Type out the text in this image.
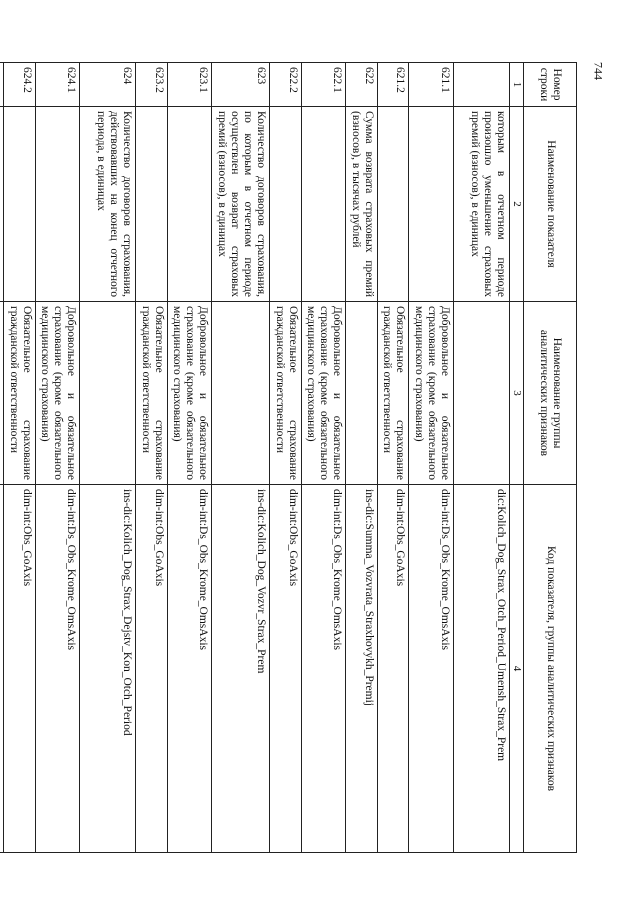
744
Номер строки	Наименование показателя	Наименование группы аналитических признаков	Код показателя, группы аналитических признаков
1	2	3	4
	которым в отчетном периоде произошло уменьшение страховых премий (взносов), в единицах		dic:Kolich_Dog_Strax_Otch_Period_Umensh_Strax_Prem
621.1		Добровольное и обязательное страхование (кроме обязательного медицинского страхования)	dim-int:Ds_Obs_Krome_OmsAxis
621.2		Обязательное страхование гражданской ответственности	dim-int:Obs_GoAxis
622	Сумма возврата страховых премий (взносов), в тысячах рублей		ins-dic:Summa_Vozvrata_Straxhovykh_Premij
622.1		Добровольное и обязательное страхование (кроме обязательного медицинского страхования)	dim-int:Ds_Obs_Krome_OmsAxis
622.2		Обязательное страхование гражданской ответственности	dim-int:Obs_GoAxis
623	Количество договоров страхования, по которым в отчетном периоде осуществлен возврат страховых премий (взносов), в единицах		ins-dic:Kolich_Dog_Vozvr_Strax_Prem
623.1		Добровольное и обязательное страхование (кроме обязательного медицинского страхования)	dim-int:Ds_Obs_Krome_OmsAxis
623.2		Обязательное страхование гражданской ответственности	dim-int:Obs_GoAxis
624	Количество договоров страхования, действовавших на конец отчетного периода, в единицах		ins-dic:Kolich_Dog_Strax_Dejstv_Kon_Otch_Period
624.1		Добровольное и обязательное страхование (кроме обязательного медицинского страхования)	dim-int:Ds_Obs_Krome_OmsAxis
624.2		Обязательное страхование гражданской ответственности	dim-int:Obs_GoAxis
